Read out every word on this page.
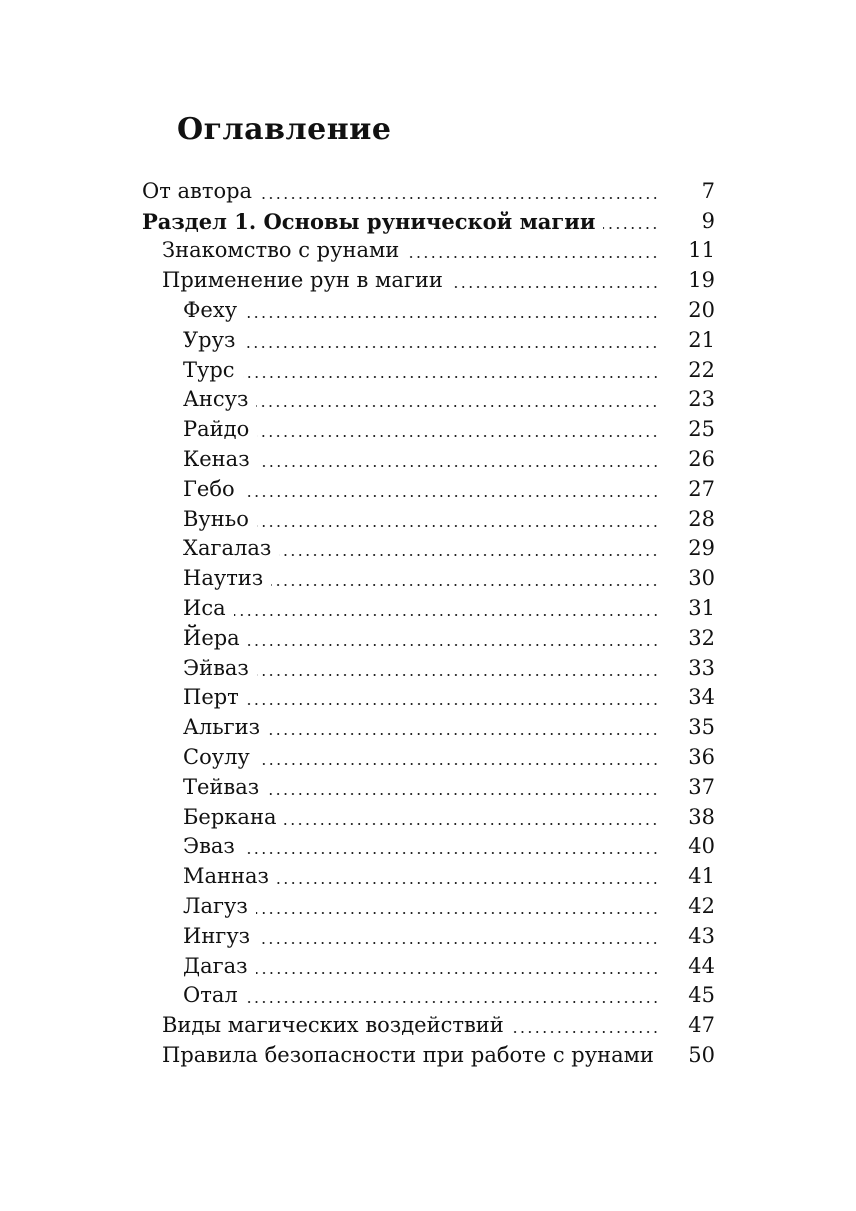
Оглавление
От автора	7
Раздел 1. Основы рунической магии	9
Знакомство с рунами	11
Применение рун в магии	19
Феху	20
Уруз	21
Турс	22
Ансуз	23
Райдо	25
Кеназ	26
Гебо	27
Вуньо	28
Хагалаз	29
Наутиз	30
Иса	31
Йера	32
Эйваз	33
Перт	34
Альгиз	35
Соулу	36
Тейваз	37
Беркана	38
Эваз	40
Манназ	41
Лагуз	42
Ингуз	43
Дагаз	44
Отал	45
Виды магических воздействий	47
Правила безопасности при работе с рунами	50
